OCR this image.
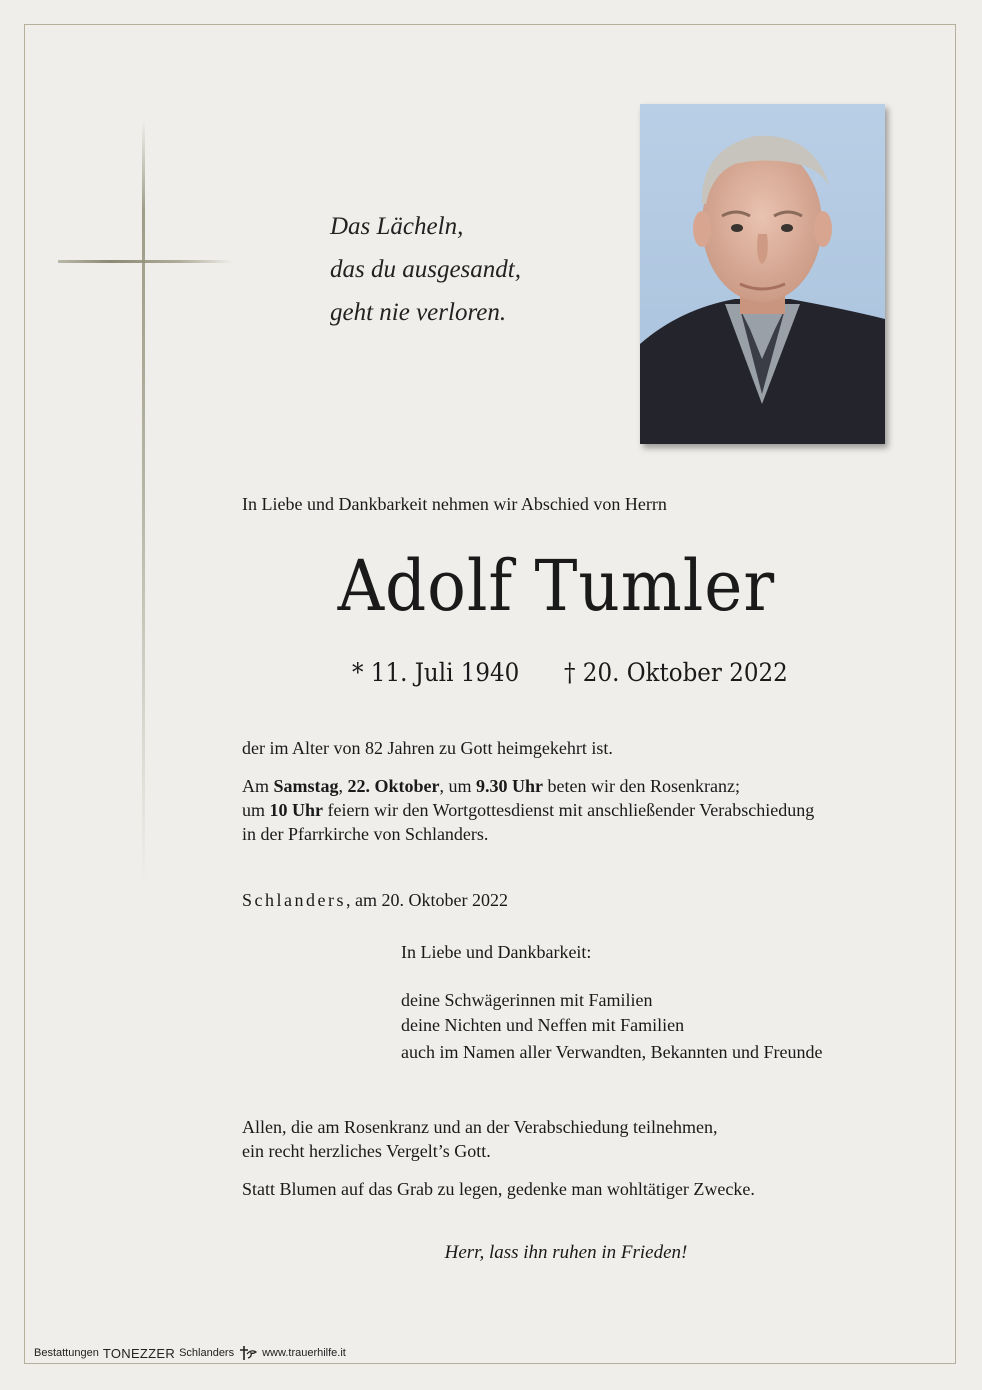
Das Lächeln,
das du ausgesandt,
geht nie verloren.
In Liebe und Dankbarkeit nehmen wir Abschied von Herrn
Adolf Tumler
* 11. Juli 1940 † 20. Oktober 2022
der im Alter von 82 Jahren zu Gott heimgekehrt ist.
Am Samstag, 22. Oktober, um 9.30 Uhr beten wir den Rosenkranz;
um 10 Uhr feiern wir den Wortgottesdienst mit anschließender Verabschiedung
in der Pfarrkirche von Schlanders.
Schlanders, am 20. Oktober 2022
In Liebe und Dankbarkeit:
deine Schwägerinnen mit Familien
deine Nichten und Neffen mit Familien
auch im Namen aller Verwandten, Bekannten und Freunde
Allen, die am Rosenkranz und an der Verabschiedung teilnehmen,
ein recht herzliches Vergelt’s Gott.
Statt Blumen auf das Grab zu legen, gedenke man wohltätiger Zwecke.
Herr, lass ihn ruhen in Frieden!
Bestattungen TONEZZER Schlanders	www.trauerhilfe.it
